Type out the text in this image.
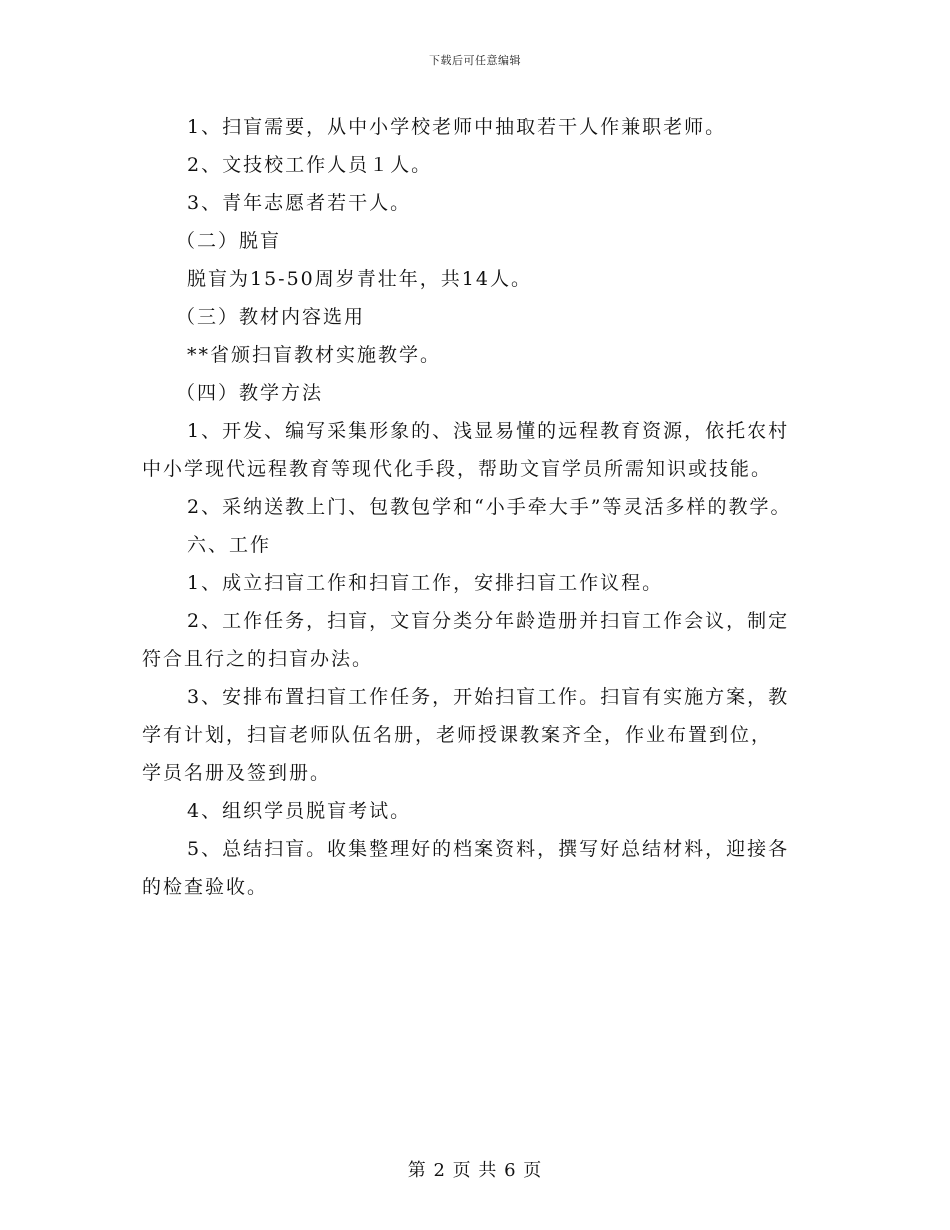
下载后可任意编辑
1、扫盲需要，从中小学校老师中抽取若干人作兼职老师。
2、文技校工作人员１人。
3、青年志愿者若干人。
（二）脱盲
脱盲为15-50周岁青壮年，共14人。
（三）教材内容选用
**省颁扫盲教材实施教学。
（四）教学方法
1、开发、编写采集形象的、浅显易懂的远程教育资源，依托农村
中小学现代远程教育等现代化手段，帮助文盲学员所需知识或技能。
2、采纳送教上门、包教包学和“小手牵大手”等灵活多样的教学。
六、工作
1、成立扫盲工作和扫盲工作，安排扫盲工作议程。
2、工作任务，扫盲，文盲分类分年龄造册并扫盲工作会议，制定
符合且行之的扫盲办法。
3、安排布置扫盲工作任务，开始扫盲工作。扫盲有实施方案，教
学有计划，扫盲老师队伍名册，老师授课教案齐全，作业布置到位，
学员名册及签到册。
4、组织学员脱盲考试。
5、总结扫盲。收集整理好的档案资料，撰写好总结材料，迎接各
的检查验收。
第 2 页 共 6 页
